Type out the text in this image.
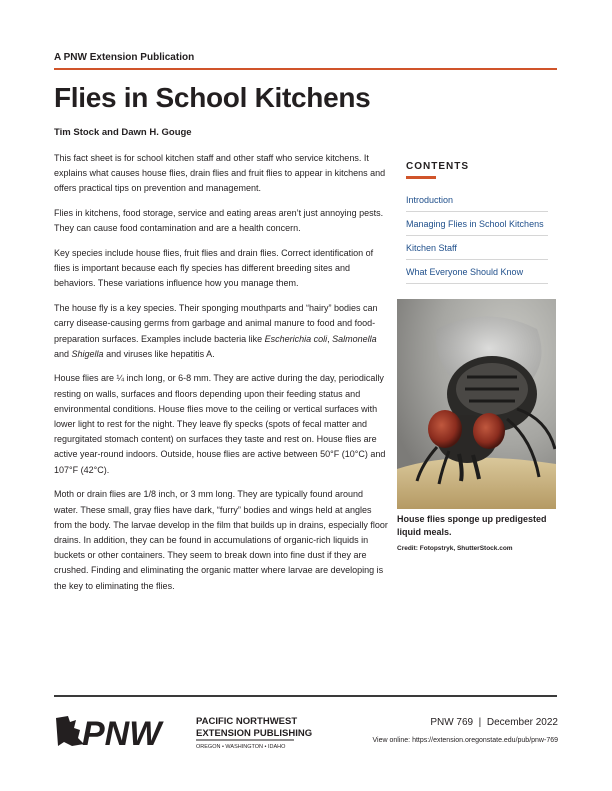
A PNW Extension Publication
Flies in School Kitchens
Tim Stock and Dawn H. Gouge

This fact sheet is for school kitchen staff and other staff who service kitchens. It explains what causes house flies, drain flies and fruit flies to appear in kitchens and offers practical tips on prevention and management.

Flies in kitchens, food storage, service and eating areas aren’t just annoying pests. They can cause food contamination and are a health concern.

Key species include house flies, fruit flies and drain flies. Correct identification of flies is important because each fly species has different breeding sites and behaviors. These variations influence how you manage them.

The house fly is a key species. Their sponging mouthparts and “hairy” bodies can carry disease-causing germs from garbage and animal manure to food and food-preparation surfaces. Examples include bacteria like Escherichia coli, Salmonella and Shigella and viruses like hepatitis A.

House flies are ¼ inch long, or 6-8 mm. They are active during the day, periodically resting on walls, surfaces and floors depending upon their feeding status and environmental conditions. House flies move to the ceiling or vertical surfaces with lower light to rest for the night. They leave fly specks (spots of fecal matter and regurgitated stomach content) on surfaces they taste and rest on. House flies are active year-round indoors. Outside, house flies are active between 50°F (10°C) and 107°F (42°C).

Moth or drain flies are 1/8 inch, or 3 mm long. They are typically found around water. These small, gray flies have dark, “furry” bodies and wings held at angles from the body. The larvae develop in the film that builds up in drains, especially floor drains. In addition, they can be found in accumulations of organic-rich liquids in buckets or other containers. They seem to break down into fine dust if they are crushed. Finding and eliminating the organic matter where larvae are developing is the key to eliminating the flies.

CONTENTS
Introduction
Managing Flies in School Kitchens
Kitchen Staff
What Everyone Should Know
House flies sponge up predigested liquid meals.
Credit: Fotopstryk, ShutterStock.com
PNW	PACIFIC NORTHWEST
EXTENSION PUBLISHING
OREGON • WASHINGTON • IDAHO
PNW 769  |  December 2022
View online: https://extension.oregonstate.edu/pub/pnw-769
